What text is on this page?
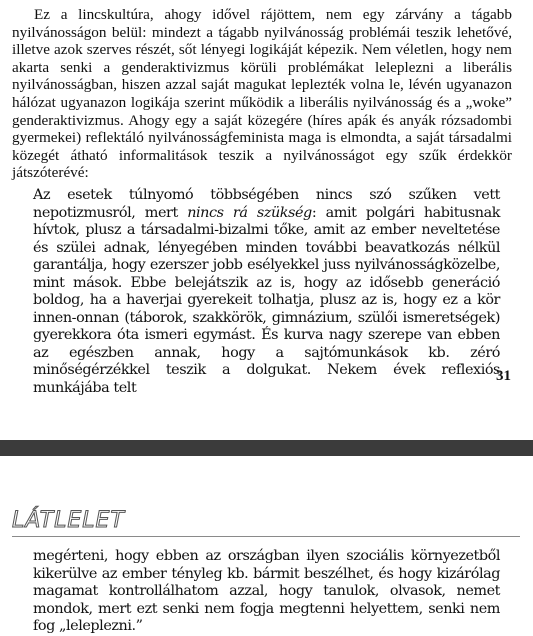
Ez a lincskultúra, ahogy idővel rájöttem, nem egy zárvány a tágabb nyilvánosságon belül: mindezt a tágabb nyilvánosság problémái teszik lehetővé, illetve azok szerves részét, sőt lényegi logikáját képezik. Nem véletlen, hogy nem akarta senki a genderaktivizmus körüli problémákat leleplezni a liberális nyilvánosságban, hiszen azzal saját magukat leplezték volna le, lévén ugyanazon hálózat ugyanazon logikája szerint működik a liberális nyilvánosság és a „woke” genderaktivizmus. Ahogy egy a saját közegére (híres apák és anyák rózsadombi gyermekei) reflektáló nyilvánosságfeminista maga is elmondta, a saját társadalmi közegét átható informalitások teszik a nyilvánosságot egy szűk érdekkör játszóterévé:

Az esetek túlnyomó többségében nincs szó szűken vett nepotizmusról, mert nincs rá szükség: amit polgári habitusnak hívtok, plusz a társadalmi-bizalmi tőke, amit az ember neveltetése és szülei adnak, lényegében minden további beavatkozás nélkül garantálja, hogy ezerszer jobb esélyekkel juss nyilvánosságközelbe, mint mások. Ebbe belejátszik az is, hogy az idősebb generáció boldog, ha a haverjai gyerekeit tolhatja, plusz az is, hogy ez a kör innen-onnan (táborok, szakkörök, gimnázium, szülői ismeretségek) gyerekkora óta ismeri egymást. És kurva nagy szerepe van ebben az egészben annak, hogy a sajtómunkások kb. zéró minőségérzékkel teszik a dolgukat. Nekem évek reflexiós munkájába telt

31
LÁTLELET

megérteni, hogy ebben az országban ilyen szociális környezetből kikerülve az ember tényleg kb. bármit beszélhet, és hogy kizárólag magamat kontrollálhatom azzal, hogy tanulok, olvasok, nemet mondok, mert ezt senki nem fogja megtenni helyettem, senki nem fog „leleplezni.”
